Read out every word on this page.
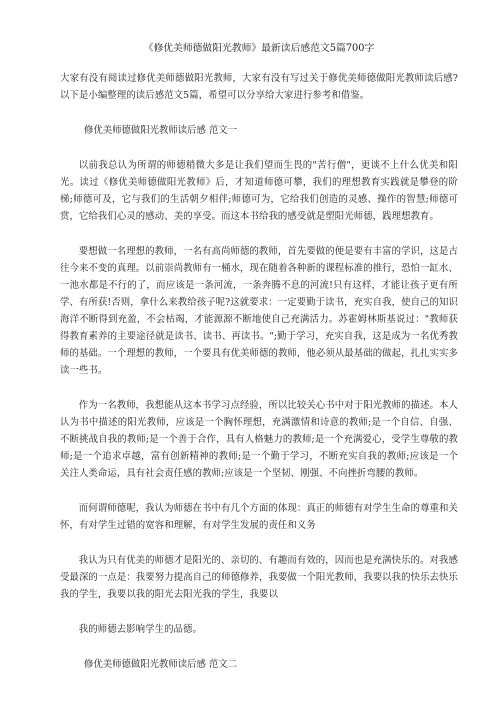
《修优美师德做阳光教师》最新读后感范文5篇700字

大家有没有阅读过修优美师德做阳光教师，大家有没有写过关于修优美师德做阳光教师读后感?以下是小编整理的读后感范文5篇，希望可以分享给大家进行参考和借鉴。

修优美师德做阳光教师读后感 范文一

以前我总认为所谓的师德稍微大多是让我们望而生畏的"苦行僧"，更谈不上什么优美和阳光。读过《修优美师德做阳光教师》后，才知道师德可攀，我们的理想教育实践就是攀登的阶梯;师德可及，它与我们的生活朝夕相伴;师德可为，它给我们创造的灵感、操作的智慧;师德可赏，它给我们心灵的感动、美的享受。而这本书给我的感受就是塑阳光师德，践理想教育。

要想做一名理想的教师，一名有高尚师德的教师，首先要做的便是要有丰富的学识，这是古往今来不变的真理。以前崇尚教师有一桶水，现在随着各种新的课程标准的推行，恐怕一缸水、一池水都是不行的了，而应该是一条河流，一条奔腾不息的河流!只有这样，才能让孩子更有所学、有所获!否则，拿什么来教给孩子呢?这就要求：一定要勤于读书，充实自我，使自己的知识海洋不断得到充盈，不会枯竭，才能源源不断地使自己充满活力。苏霍姆林斯基说过："教师获得教育素养的主要途径就是读书、读书、再读书。";勤于学习，充实自我，这是成为一名优秀教师的基础。一个理想的教师，一个要具有优美师德的教师，他必须从最基础的做起，扎扎实实多读一些书。

作为一名教师，我想能从这本书学习点经验，所以比较关心书中对于阳光教师的描述。本人认为书中描述的阳光教师，应该是一个胸怀理想，充满激情和诗意的教师;是一个自信、自强、不断挑战自我的教师;是一个善于合作，具有人格魅力的教师;是一个充满爱心，受学生尊敬的教师;是一个追求卓越，富有创新精神的教师;是一个勤于学习，不断充实自我的教师;应该是一个关注人类命运，具有社会责任感的教师;应该是一个坚韧、刚强、不向挫折弯腰的教师。

而何谓师德呢，我认为师德在书中有几个方面的体现：真正的师德有对学生生命的尊重和关怀，有对学生过错的宽容和理解，有对学生发展的责任和义务

我认为只有优美的师德才是阳光的、亲切的、有趣而有效的，因而也是充满快乐的。对我感受最深的一点是：我要努力提高自己的师德修养，我要做一个阳光教师，我要以我的快乐去快乐我的学生，我要以我的阳光去阳光我的学生，我要以

我的师德去影响学生的品德。

修优美师德做阳光教师读后感 范文二
